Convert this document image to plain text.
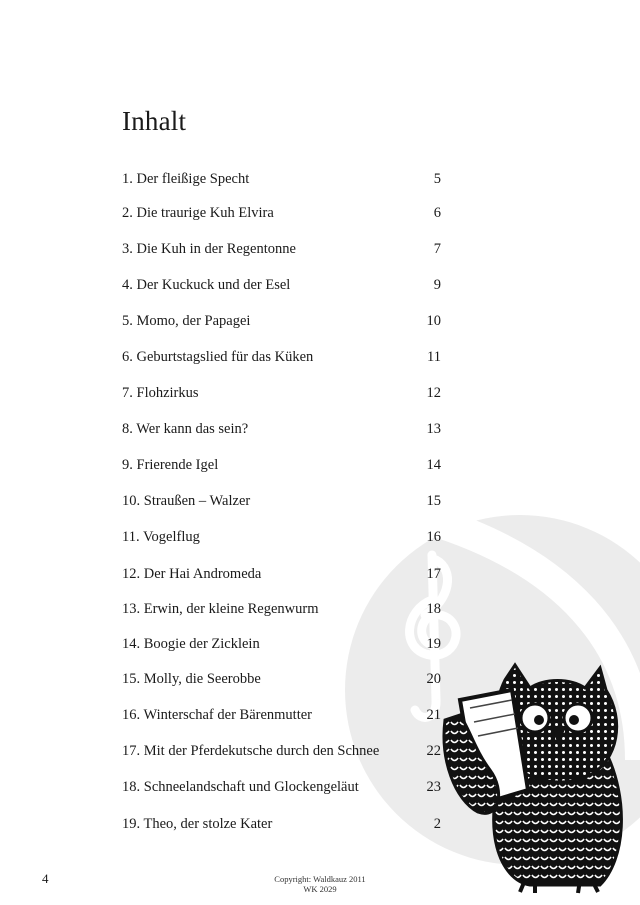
Inhalt
1. Der fleißige Specht	5
2. Die traurige Kuh Elvira	6
3. Die Kuh in der Regentonne	7
4. Der Kuckuck und der Esel	9
5. Momo, der Papagei	10
6. Geburtstagslied für das Küken	11
7. Flohzirkus	12
8. Wer kann das sein?	13
9. Frierende Igel	14
10. Straußen – Walzer	15
11. Vogelflug	16
12. Der Hai Andromeda	17
13. Erwin, der kleine Regenwurm	18
14. Boogie der Zicklein	19
15. Molly, die Seerobbe	20
16. Winterschaf der Bärenmutter	21
17. Mit der Pferdekutsche durch den Schnee	22
18. Schneelandschaft und Glockengeläut	23
19. Theo, der stolze Kater	2
4	Copyright: Waldkauz 2011
WK 2029
